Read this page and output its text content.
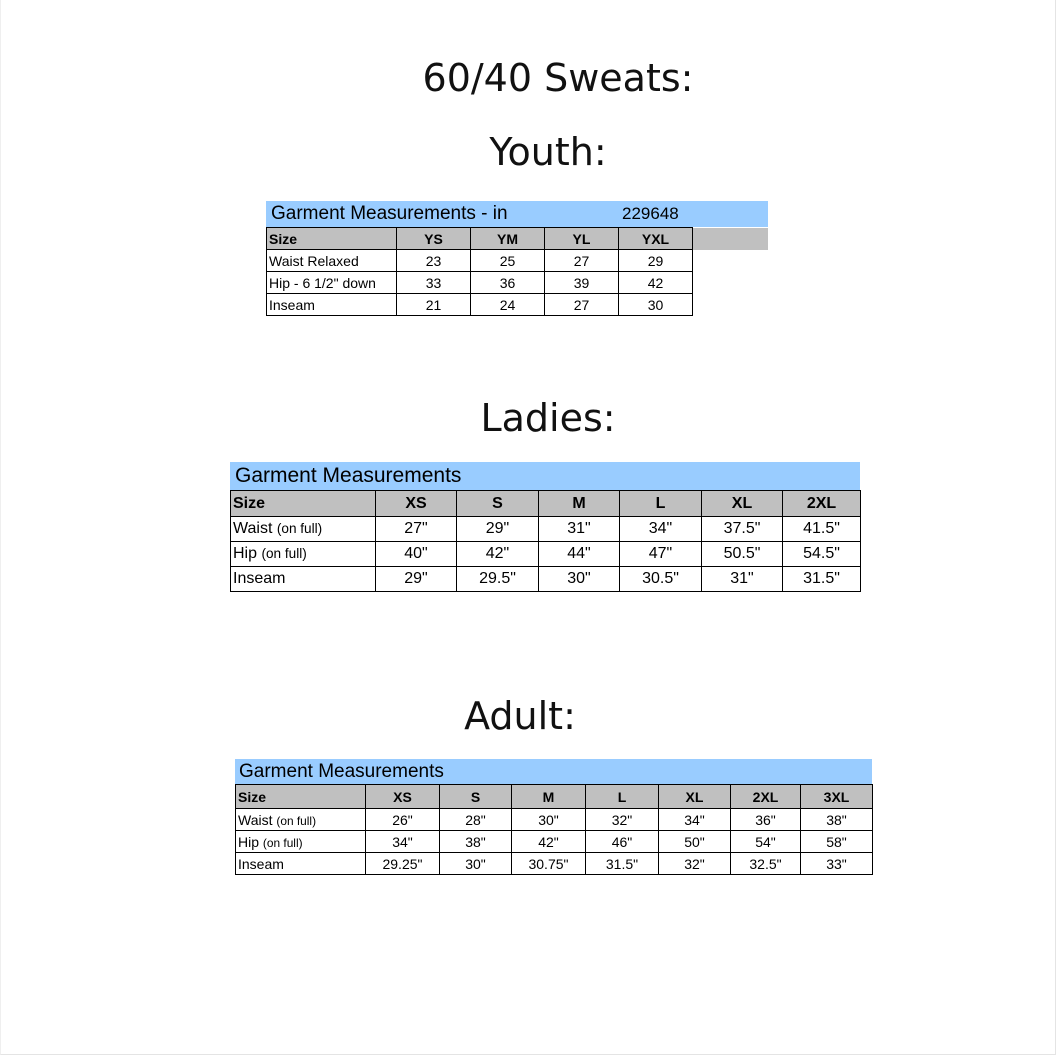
60/40 Sweats:
Youth:
Garment Measurements - in	229648
Size	YS	YM	YL	YXL	
Waist Relaxed	23	25	27	29	
Hip - 6 1/2" down	33	36	39	42	
Inseam	21	24	27	30	
Ladies:
Garment Measurements
Size	XS	S	M	L	XL	2XL
Waist (on full)	27"	29"	31"	34"	37.5"	41.5"
Hip (on full)	40"	42"	44"	47"	50.5"	54.5"
Inseam	29"	29.5"	30"	30.5"	31"	31.5"
Adult:
Garment Measurements
Size	XS	S	M	L	XL	2XL	3XL
Waist (on full)	26"	28"	30"	32"	34"	36"	38"
Hip (on full)	34"	38"	42"	46"	50"	54"	58"
Inseam	29.25"	30"	30.75"	31.5"	32"	32.5"	33"
